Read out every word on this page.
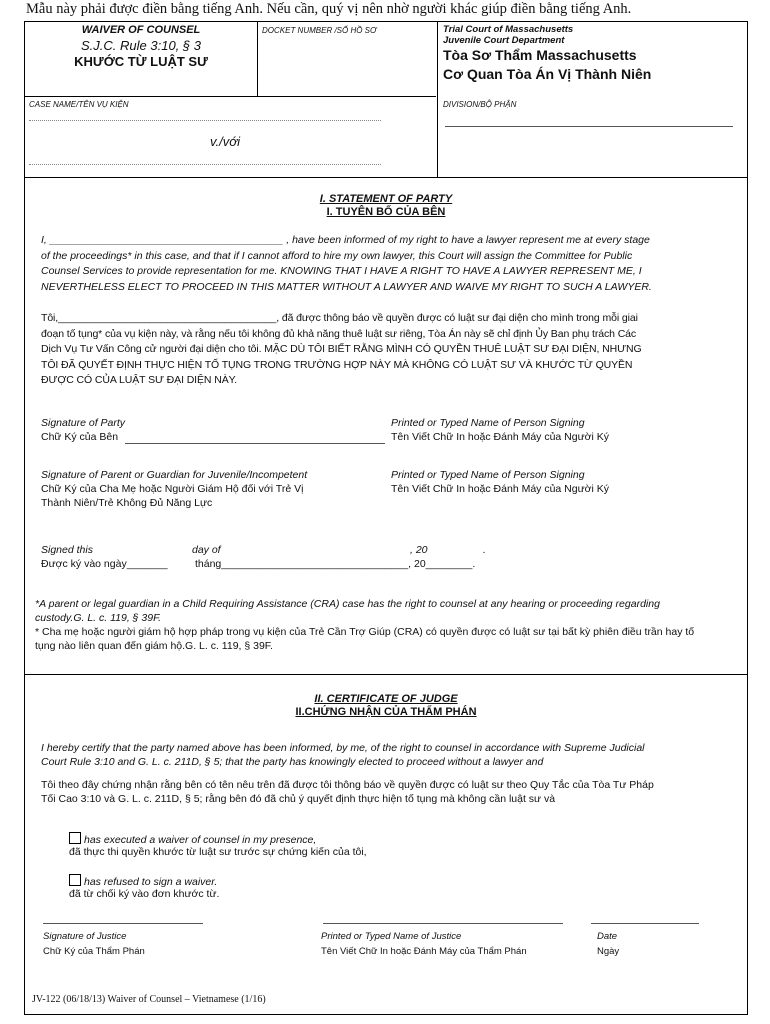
Mẫu này phải được điền bằng tiếng Anh. Nếu cần, quý vị nên nhờ người khác giúp điền bằng tiếng Anh.
WAIVER OF COUNSEL
S.J.C. Rule 3:10, § 3
KHƯỚC TỪ LUẬT SƯ
DOCKET NUMBER /SỐ HỒ SƠ	Trial Court of Massachusetts
Juvenile Court Department
Tòa Sơ Thẩm Massachusetts
Cơ Quan Tòa Án Vị Thành Niên
CASE NAME/TÊN VỤ KIỆN
v./với
DIVISION/BỘ PHẬN
I. STATEMENT OF PARTY
I. TUYÊN BỐ CỦA BÊN
I, ________________________________________ , have been informed of my right to have a lawyer represent me at every stage
of the proceedings* in this case, and that if I cannot afford to hire my own lawyer, this Court will assign the Committee for Public
Counsel Services to provide representation for me. KNOWING THAT I HAVE A RIGHT TO HAVE A LAWYER REPRESENT ME, I
NEVERTHELESS ELECT TO PROCEED IN THIS MATTER WITHOUT A LAWYER AND WAIVE MY RIGHT TO SUCH A LAWYER.
Tôi,______________________________________, đã được thông báo về quyền được có luật sư đại diện cho mình trong mỗi giai
đoạn tố tụng* của vụ kiện này, và rằng nếu tôi không đủ khả năng thuê luật sư riêng, Tòa Án này sẽ chỉ định Ủy Ban phụ trách Các
Dịch Vụ Tư Vấn Công cử người đại diện cho tôi. MẶC DÙ TÔI BIẾT RẰNG MÌNH CÓ QUYỀN THUÊ LUẬT SƯ ĐẠI DIỆN, NHƯNG
TÔI ĐÃ QUYẾT ĐỊNH THỰC HIỆN TỐ TỤNG TRONG TRƯỜNG HỢP NÀY MÀ KHÔNG CÓ LUẬT SƯ VÀ KHƯỚC TỪ QUYỀN
ĐƯỢC CÓ CỦA LUẬT SƯ ĐẠI DIỆN NÀY.
Signature of Party
Chữ Ký của Bên
Printed or Typed Name of Person Signing
Tên Viết Chữ In hoặc Đánh Máy của Người Ký
Signature of Parent or Guardian for Juvenile/Incompetent
Chữ Ký của Cha Mẹ hoặc Người Giám Hộ đối với Trẻ Vị
Thành Niên/Trẻ Không Đủ Năng Lực
Printed or Typed Name of Person Signing
Tên Viết Chữ In hoặc Đánh Máy của Người Ký
Signed this	day of	, 20	.
Được ký vào ngày_______	tháng________________________________, 20________.
*A parent or legal guardian in a Child Requiring Assistance (CRA) case has the right to counsel at any hearing or proceeding regarding
custody.G. L. c. 119, § 39F.
* Cha mẹ hoặc người giám hộ hợp pháp trong vụ kiện của Trẻ Cần Trợ Giúp (CRA) có quyền được có luật sư tại bất kỳ phiên điều trần hay tố
tụng nào liên quan đến giám hộ.G. L. c. 119, § 39F.
II. CERTIFICATE OF JUDGE
II.CHỨNG NHẬN CỦA THẨM PHÁN
I hereby certify that the party named above has been informed, by me, of the right to counsel in accordance with Supreme Judicial
Court Rule 3:10 and G. L. c. 211D, § 5; that the party has knowingly elected to proceed without a lawyer and
Tôi theo đây chứng nhận rằng bên có tên nêu trên đã được tôi thông báo về quyền được có luật sư theo Quy Tắc của Tòa Tư Pháp
Tối Cao 3:10 và G. L. c. 211D, § 5; rằng bên đó đã chủ ý quyết định thực hiện tố tụng mà không cần luật sư và
has executed a waiver of counsel in my presence,
đã thực thi quyền khước từ luật sư trước sự chứng kiến của tôi,
has refused to sign a waiver.
đã từ chối ký vào đơn khước từ.
Signature of Justice
Chữ Ký của Thẩm Phán
Printed or Typed Name of Justice
Tên Viết Chữ In hoặc Đánh Máy của Thẩm Phán
Date
Ngày
JV-122 (06/18/13) Waiver of Counsel – Vietnamese (1/16)
